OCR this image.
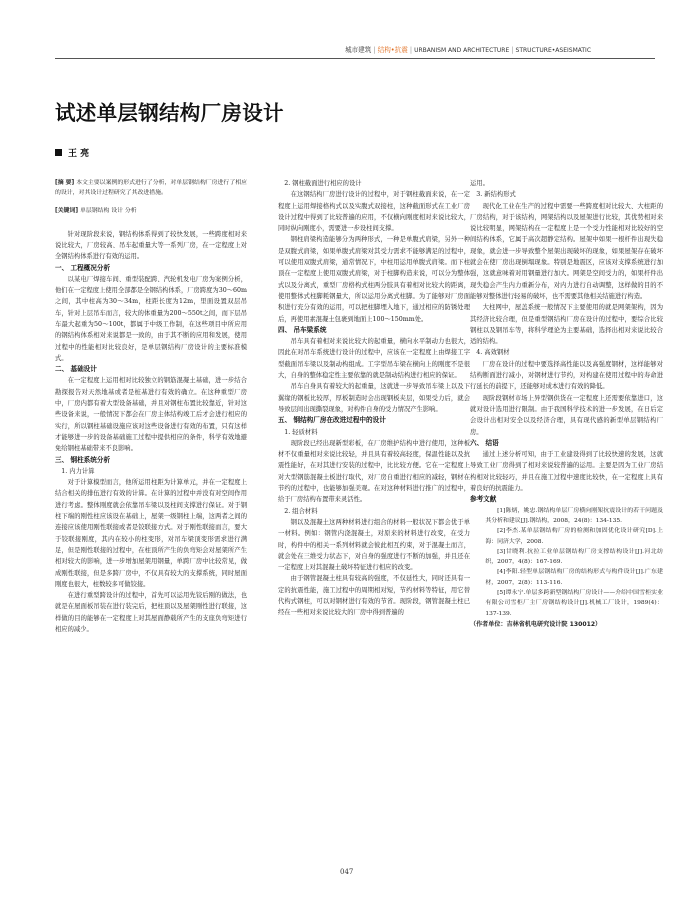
城市建筑 | 结构•抗震 | URBANISM AND ARCHITECTURE | STRUCTURE•ASEISMATIC
试述单层钢结构厂房设计
王 亮

[摘 要] 本文主要以案例的形式进行了分析，对单层钢结构厂房进行了相应的设计，对其设计过程研究了其改进措施。

[关键词] 单层钢结构 设计 分析

针对现阶段来说，钢结构体系得到了较快发展，一些跨度相对来说比较大，厂房较高、吊车起重量大等一系列厂房，在一定程度上对全钢结构体系进行有效的运用。

一、 工程概况分析

以某电厂焊接车间、重型装配跨、汽轮机发电厂房为案例分析，他们在一定程度上使用全部都是全钢结构体系，厂房跨度为30～60m之间，其中柱高为30～34m，柱距长度为12m，里面设置双层吊车，针对上层吊车而言，较大的体重量为200～550t之间，而下层吊车最大起重为50～100t，都属于中级工作制，在这些项目中所应用的钢结构体系相对来说都是一致的，由于其不断的应用和发展，使用过程中的性能相对比较良好，是单层钢结构厂房设计的主要标准模式。

二、 基础设计

在一定程度上运用相对比较独立的钢筋混凝土基础，进一步结合勘探报告对天然地基或者是桩基进行有效的确立。在这种重型厂房中，厂房内都有着大型设备基础，并且对钢柱布置比较靠近，针对这些设备来说，一般情况下都会在厂房主体结构竣工后才会进行相应的实行，所以钢柱基础设施应该对这些设备进行有效的布置，只有这样才能够进一步的设备基础施工过程中提供相应的条件，科学有效地避免给钢柱基础带来不良影响。

三、 钢柱系统分析
1. 内力计算

对于计算模型而言，他所运用柱距为计算单元，并在一定程度上结合相关的排伍进行有效的计算。在计算的过程中并没有对空间作用进行考虑。整体刚度就会依靠吊车梁以及柱间支撑进行保证。对于钢柱下端的刚性柱应该设在基础上，屋架一级钢柱上端，这两者之间的连接应该使用刚性联接或者是铰联接方式。对于刚性联接而言，要大于铰联接刚度，其内在较小的柱变形，对吊车梁顶变形需求进行满足，但是刚性联接的过程中，在柱顶所产生的负弯矩会对屋架所产生相对较大的影响，进一步增加屋架用钢量，单跨厂房中比较常见，做成刚性联接，但是多跨厂房中，不仅具有较大的支撑系统，同时屋面刚度也很大，柱数较多可做铰接。

在进行重型跨设计的过程中，首先可以运用先铰后刚的做法，也就是在屋面板吊装在进行装完后，把柱顶以及屋架刚性进行联接，这样做的目的能够在一定程度上对其屋面静载所产生的支座负弯矩进行相应的减少。

2. 钢柱截面进行相应的设计

在这钢结构厂房进行设计的过程中，对于钢柱截面来说，在一定程度上运用焊接格构式以及实腹式双接柱，这种截面形式在工业厂房设计过程中得到了比较普遍的应用，不仅横向刚度相对来说比较大，同时纵向刚度小，需要进一步设柱间支撑。

钢柱肩梁构造能够分为两种形式，一种是单腹式肩梁，另外一种是双腹式肩梁，如果单腹式肩梁对其受力需求不能够满足的过程中，可以使用双腹式肩梁，通常情况下，中柱用运用单腹式肩梁。而下柱顶在一定程度上使用双腹式肩梁，对于柱脚构造来说，可以分为整体式以及分离式，重型厂房格构式柱两分肢具有着相对比较大的距离，使用整体式柱脚耗钢量大，所以运用分离式柱脚。为了能够对厂房面积进行充分有效的运用，可以把柱脚埋入地下，通过相应的防锈处理后，再使用素混凝土包裹到地面上100～150mm处。

四、 吊车梁系统

吊车具有着相对来说比较大的起重量，横向水平制动力也很大，因此在对吊车系统进行设计的过程中，应该在一定程度上由焊接工字型截面吊车梁以及制动构组成。工字型吊车梁在横向上的刚度不是很大，自身的整体稳定性主要依靠的就是制动结构进行相应的保证。

吊车自身具有着较大的起重量，这就进一步导致吊车梁上以及下翼缘的钢板比较厚，厚板制造时会出现钢板夹层，如果受力后，就会导致层间出现撕裂现象，对构件自身的受力情况产生影响。

五、 钢结构厂房在改进过程中的设计
1. 轻质材料

现阶段已经出现新型彩板，在厂房维护结构中进行使用，这种板材不仅重量相对来说比较轻，并且具有着较高轻度，保温性能以及抗震性能好，在对其进行安装的过程中，比比较方便。它在一定程度上对大型钢筋混凝土板进行取代，对厂房自重进行相应的减轻，钢材在节约的过程中，也能够加强美观。在对这种材料进行推广的过程中，给于厂房结构布置带来灵活性。

2. 组合材料

钢以及混凝土这两种材料进行组合的材料一般状况下都会优于单一材料。例如：钢管内浇混凝土，对原来的材料进行改变，在受力时，构件中的相关一系列材料就会彼此相互约束，对于混凝土而言，就会处在三维受力状态下，对自身的强度进行不断的加强，并且还在一定程度上对其混凝土破坏特征进行相应的改变。

由于钢管混凝土柱具有较高的强度，不仅延性大，同时还具有一定的抗震性能，施工过程中的周期相对短，节约材料等特征，用它替代构式钢柱，可以对钢材进行有效的节省。现阶段，钢管混凝土柱已经在一些相对来说比较大的厂房中得到普遍的

运用。

3. 新结构形式

现代化工业在生产的过程中需要一些跨度相对比较大、大柱距的厂房结构，对于该结构，网架结构以及屋架进行比较，其优势相对来说比较明显，网架结构在一定程度上是一个受力性能相对比较好的空间结构体系，它属于高次超静定结构。屋架中如果一根杆件出现失稳现象，就会进一步导致整个屋架出现破坏的现象，如果屋架存在破坏就会在使厂房出现倒塌现象。特别是地震区，应该对支撑系统进行加强，这就意味着对用钢量进行加大。网架是空间受力的，如果杆件出现失稳会产生内力重新分布，对内力进行自动调整，这样做的目的不能够对整体进行轻易的破坏，也不需要其他相关结施进行构造。

大柱网中，屋盖系统一般情况下主要使用的就是网架架构，因为其经济比较合理，但是重型钢结构厂房在设计的过程中，要综合比较钢柱以及钢吊车等，将科学理论为主要基础，选择出相对来说比较合适的结构。

4. 高效钢材

厂房在设计的过程中要选择高性能以及高强度钢材，这样能够对结构断面进行减小，对钢材进行节约，对构建在使用过程中的寿命进行延长的前提下，还能够对成本进行有效的降低。

现阶段钢材市场上异型钢供货在一定程度上还需要依靠进口，这就对设计选用进行限制。由于我国科学技术的进一步发展，在日后定会设计出相对安全以及经济合理，具有现代感的新型单层钢结构厂房。

六、 结语

通过上述分析可知，由于工业建设得到了比较快速的发展，这就导致工业厂房得到了相对来说较普遍的运用。主要是因为工业厂房结构相对比较轻巧，并且在施工过程中速度比较快，在一定程度上具有着良好的抗震能力。

参考文献

[1]陈炳，姚忠.钢结构单层厂房横向刚架抗震设计的若干问题及其分析和建议[J].钢结构，2008，24(8)：134-135.

[2]李杰.某单层钢结构厂房的检测和加固优化设计研究[D].上海：同济大学，2008.

[3]甘晓利.抗拉工业单层钢结构厂房支撑结构设计[J].河北纺织，2007，4(8)：167-169.

[4]李阳.轻型单层钢结构厂房的结构形式与构件设计[J].广东建材，2007，2(8)：113-116.

[5]谭永宁.单层多跨新型钢结构厂房设计——介绍中国雪柜实业有限公司雪柜厂主厂房钢结构设计[J].机械工厂设计，1989(4)：137-139.

（作者单位：吉林省机电研究设计院 130012）

047
